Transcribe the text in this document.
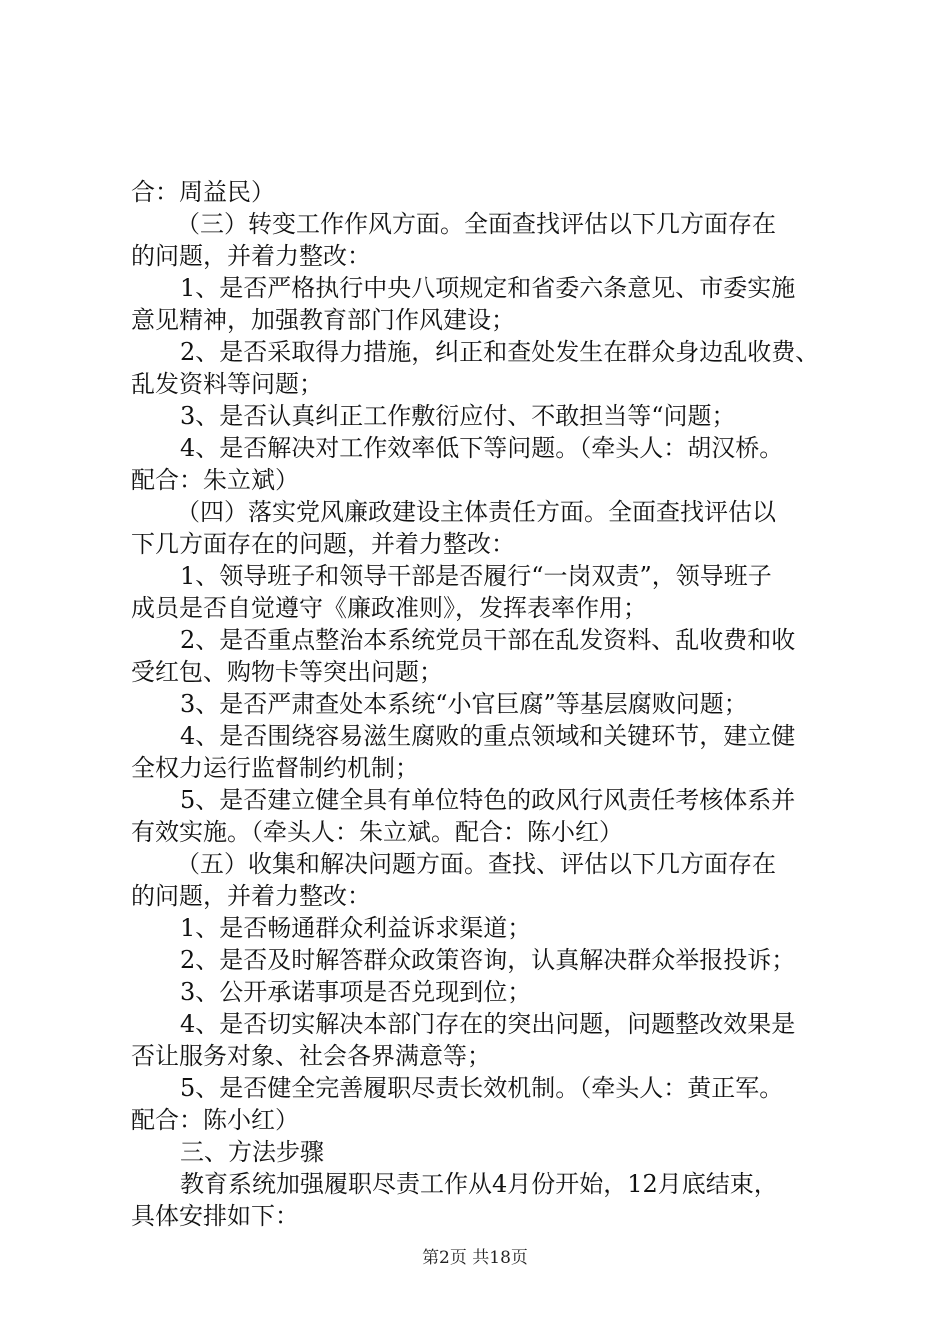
合：周益民）
（三）转变工作作风方面。全面查找评估以下几方面存在
的问题，并着力整改：
1、是否严格执行中央八项规定和省委六条意见、市委实施
意见精神，加强教育部门作风建设；
2、是否采取得力措施，纠正和查处发生在群众身边乱收费、
乱发资料等问题；
3、是否认真纠正工作敷衍应付、不敢担当等“问题；
4、是否解决对工作效率低下等问题。（牵头人：胡汉桥。
配合：朱立斌）
（四）落实党风廉政建设主体责任方面。全面查找评估以
下几方面存在的问题，并着力整改：
1、领导班子和领导干部是否履行“一岗双责”，领导班子
成员是否自觉遵守《廉政准则》，发挥表率作用；
2、是否重点整治本系统党员干部在乱发资料、乱收费和收
受红包、购物卡等突出问题；
3、是否严肃查处本系统“小官巨腐”等基层腐败问题；
4、是否围绕容易滋生腐败的重点领域和关键环节，建立健
全权力运行监督制约机制；
5、是否建立健全具有单位特色的政风行风责任考核体系并
有效实施。（牵头人：朱立斌。配合：陈小红）
（五）收集和解决问题方面。查找、评估以下几方面存在
的问题，并着力整改：
1、是否畅通群众利益诉求渠道；
2、是否及时解答群众政策咨询，认真解决群众举报投诉；
3、公开承诺事项是否兑现到位；
4、是否切实解决本部门存在的突出问题，问题整改效果是
否让服务对象、社会各界满意等；
5、是否健全完善履职尽责长效机制。（牵头人：黄正军。
配合：陈小红）
三、方法步骤
教育系统加强履职尽责工作从4月份开始，12月底结束，
具体安排如下：
第2页 共18页
